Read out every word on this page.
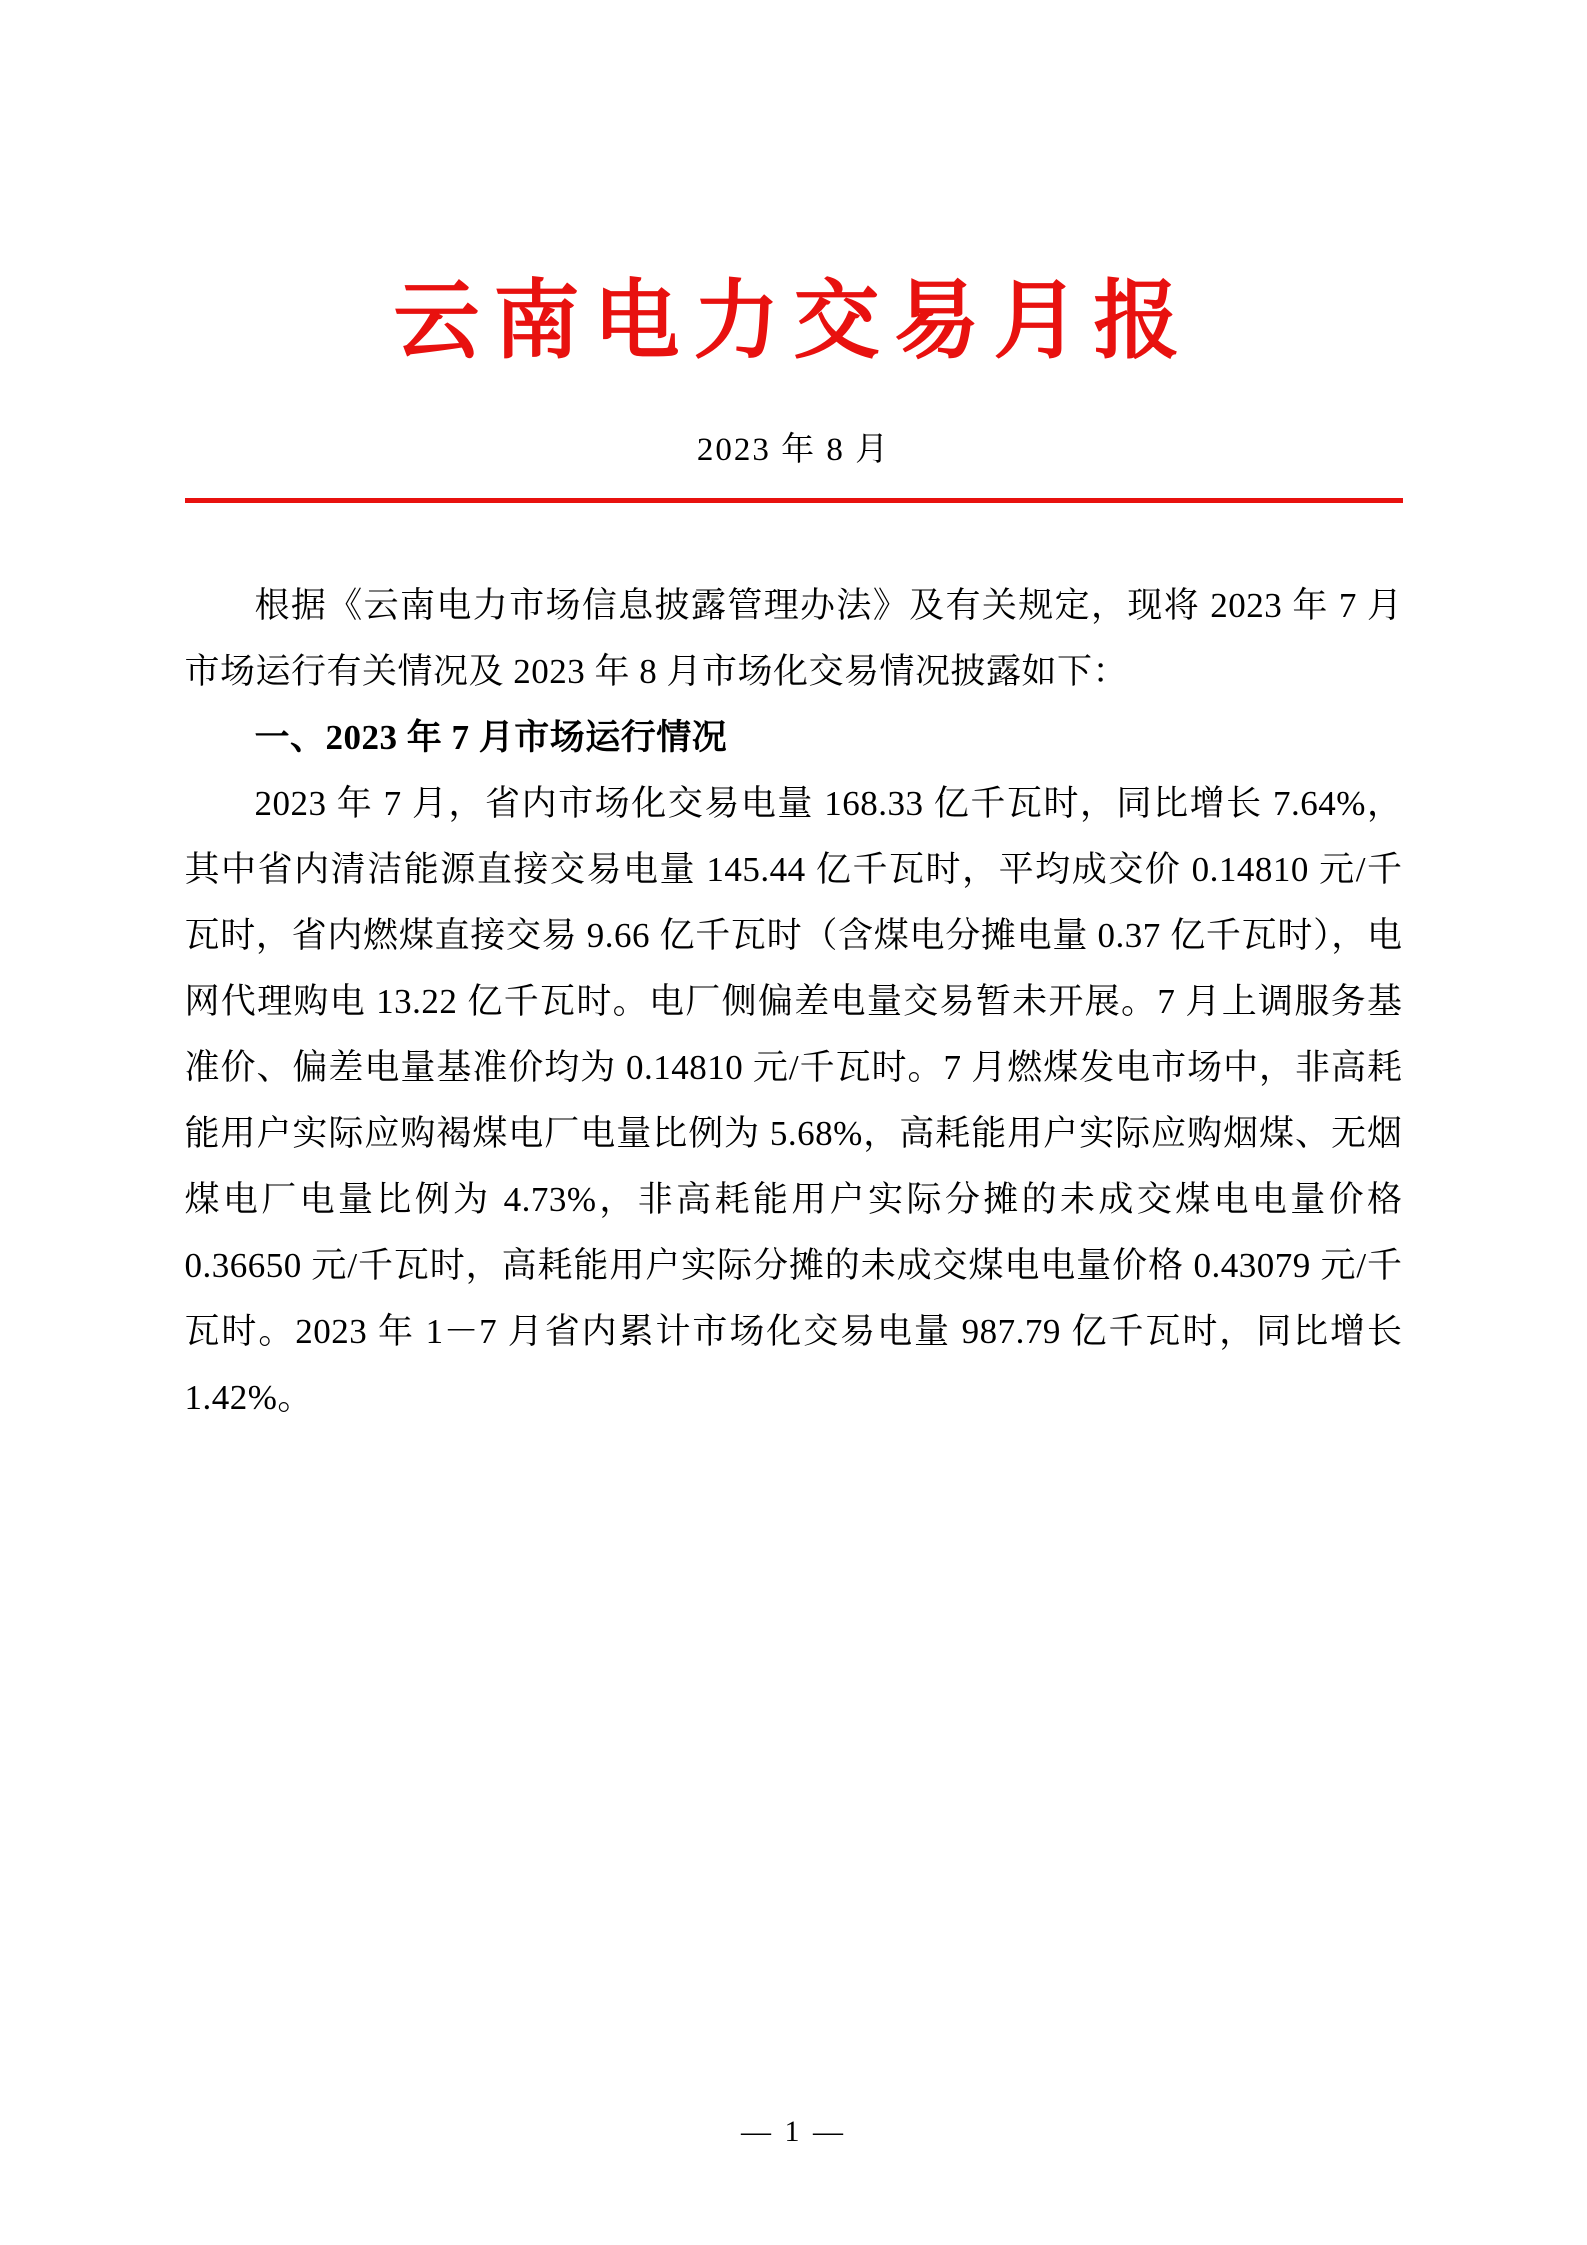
云南电力交易月报
2023 年 8 月

根据《云南电力市场信息披露管理办法》及有关规定，现将 2023 年 7 月市场运行有关情况及 2023 年 8 月市场化交易情况披露如下：

一、2023 年 7 月市场运行情况

2023 年 7 月，省内市场化交易电量 168.33 亿千瓦时，同比增长 7.64%，其中省内清洁能源直接交易电量 145.44 亿千瓦时，平均成交价 0.14810 元/千瓦时，省内燃煤直接交易 9.66 亿千瓦时（含煤电分摊电量 0.37 亿千瓦时），电网代理购电 13.22 亿千瓦时。电厂侧偏差电量交易暂未开展。7 月上调服务基准价、偏差电量基准价均为 0.14810 元/千瓦时。7 月燃煤发电市场中，非高耗能用户实际应购褐煤电厂电量比例为 5.68%，高耗能用户实际应购烟煤、无烟煤电厂电量比例为 4.73%，非高耗能用户实际分摊的未成交煤电电量价格 0.36650 元/千瓦时，高耗能用户实际分摊的未成交煤电电量价格 0.43079 元/千瓦时。2023 年 1－7 月省内累计市场化交易电量 987.79 亿千瓦时，同比增长 1.42%。

— 1 —
